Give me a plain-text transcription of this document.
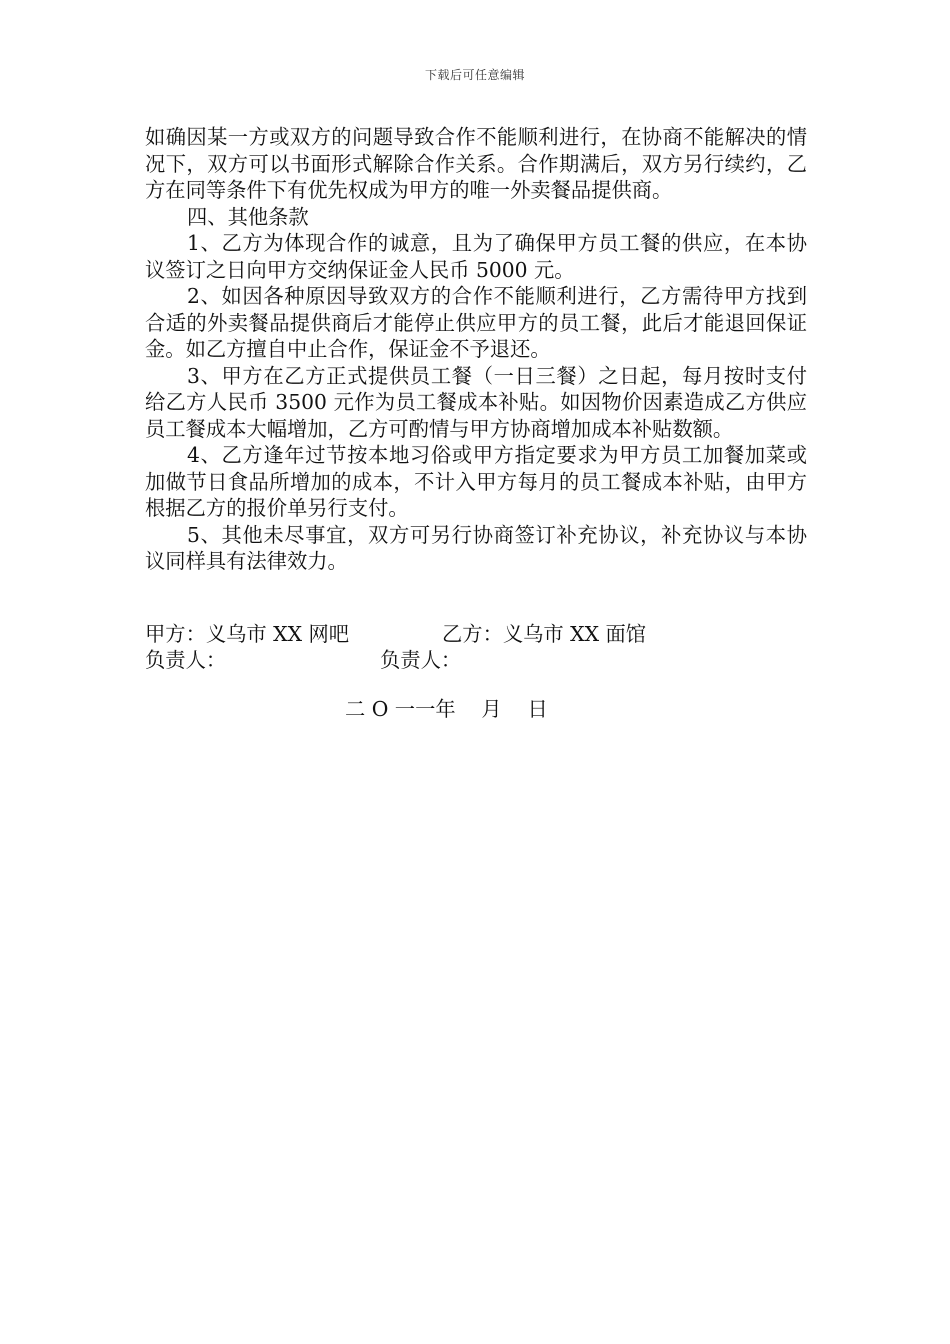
下载后可任意编辑

如确因某一方或双方的问题导致合作不能顺利进行，在协商不能解决的情况下，双方可以书面形式解除合作关系。合作期满后，双方另行续约，乙方在同等条件下有优先权成为甲方的唯一外卖餐品提供商。

四、其他条款

1、乙方为体现合作的诚意，且为了确保甲方员工餐的供应，在本协议签订之日向甲方交纳保证金人民币 5000 元。

2、如因各种原因导致双方的合作不能顺利进行，乙方需待甲方找到合适的外卖餐品提供商后才能停止供应甲方的员工餐，此后才能退回保证金。如乙方擅自中止合作，保证金不予退还。

3、甲方在乙方正式提供员工餐（一日三餐）之日起，每月按时支付给乙方人民币 3500 元作为员工餐成本补贴。如因物价因素造成乙方供应员工餐成本大幅增加，乙方可酌情与甲方协商增加成本补贴数额。

4、乙方逢年过节按本地习俗或甲方指定要求为甲方员工加餐加菜或加做节日食品所增加的成本，不计入甲方每月的员工餐成本补贴，由甲方根据乙方的报价单另行支付。

5、其他未尽事宜，双方可另行协商签订补充协议，补充协议与本协议同样具有法律效力。

甲方：义乌市 XX 网吧	乙方：义乌市 XX 面馆
负责人：	负责人：
二 O 一一年    月    日
